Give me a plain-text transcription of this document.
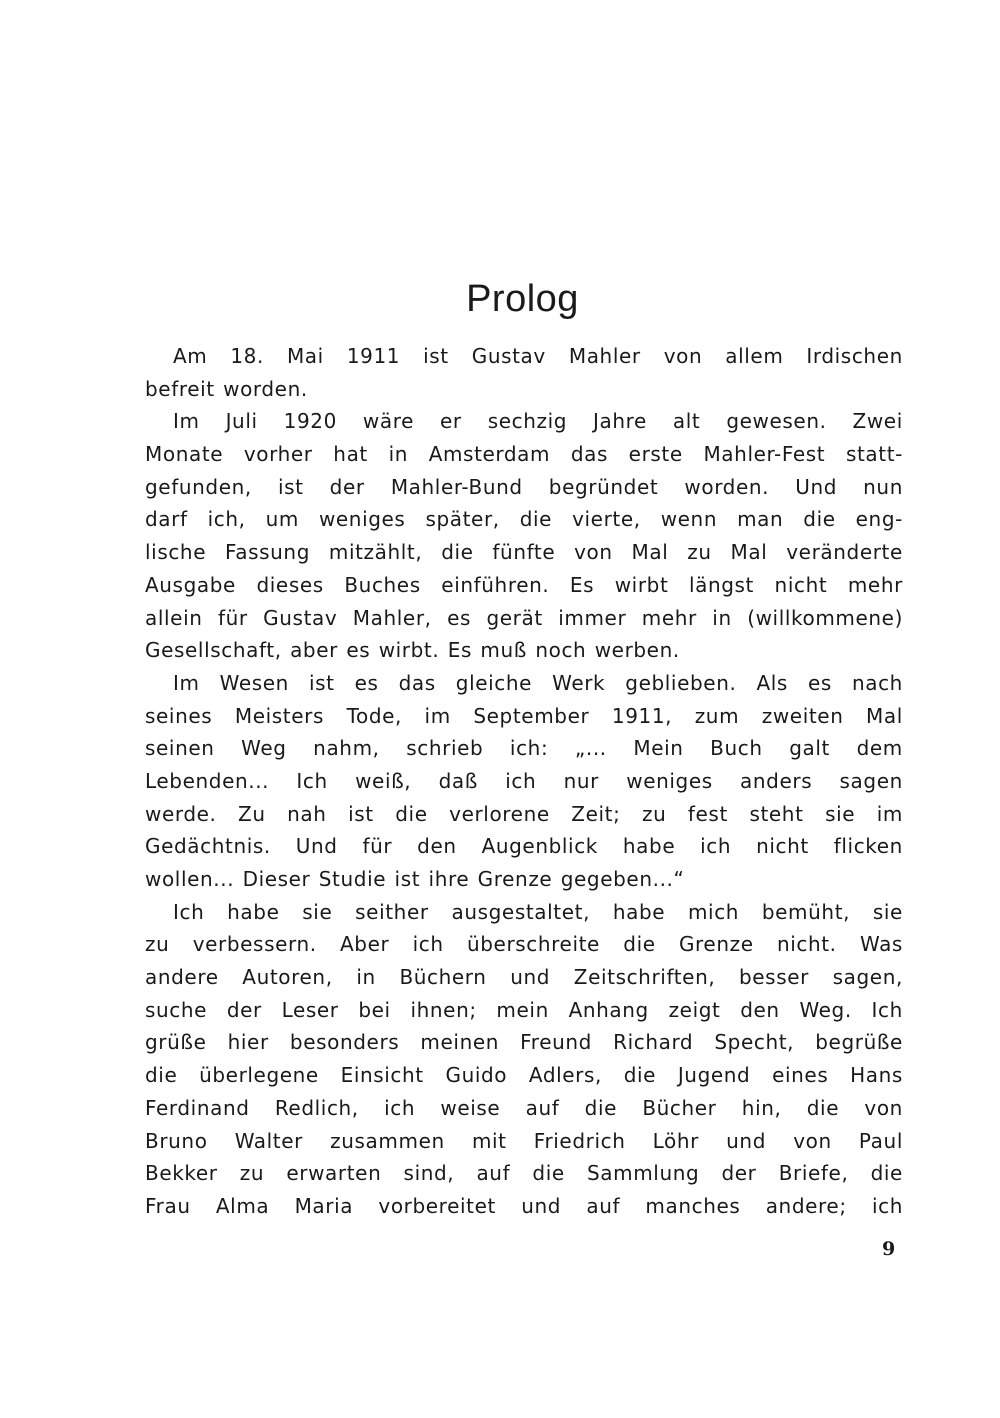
Prolog
Am 18. Mai 1911 ist Gustav Mahler von allem Irdischen
befreit worden.
Im Juli 1920 wäre er sechzig Jahre alt gewesen. Zwei
Monate vorher hat in Amsterdam das erste Mahler-Fest statt-
gefunden, ist der Mahler-Bund begründet worden. Und nun
darf ich, um weniges später, die vierte, wenn man die eng-
lische Fassung mitzählt, die fünfte von Mal zu Mal veränderte
Ausgabe dieses Buches einführen. Es wirbt längst nicht mehr
allein für Gustav Mahler, es gerät immer mehr in (willkommene)
Gesellschaft, aber es wirbt. Es muß noch werben.
Im Wesen ist es das gleiche Werk geblieben. Als es nach
seines Meisters Tode, im September 1911, zum zweiten Mal
seinen Weg nahm, schrieb ich: „... Mein Buch galt dem
Lebenden... Ich weiß, daß ich nur weniges anders sagen
werde. Zu nah ist die verlorene Zeit; zu fest steht sie im
Gedächtnis. Und für den Augenblick habe ich nicht flicken
wollen... Dieser Studie ist ihre Grenze gegeben...“
Ich habe sie seither ausgestaltet, habe mich bemüht, sie
zu verbessern. Aber ich überschreite die Grenze nicht. Was
andere Autoren, in Büchern und Zeitschriften, besser sagen,
suche der Leser bei ihnen; mein Anhang zeigt den Weg. Ich
grüße hier besonders meinen Freund Richard Specht, begrüße
die überlegene Einsicht Guido Adlers, die Jugend eines Hans
Ferdinand Redlich, ich weise auf die Bücher hin, die von
Bruno Walter zusammen mit Friedrich Löhr und von Paul
Bekker zu erwarten sind, auf die Sammlung der Briefe, die
Frau Alma Maria vorbereitet und auf manches andere; ich
9
